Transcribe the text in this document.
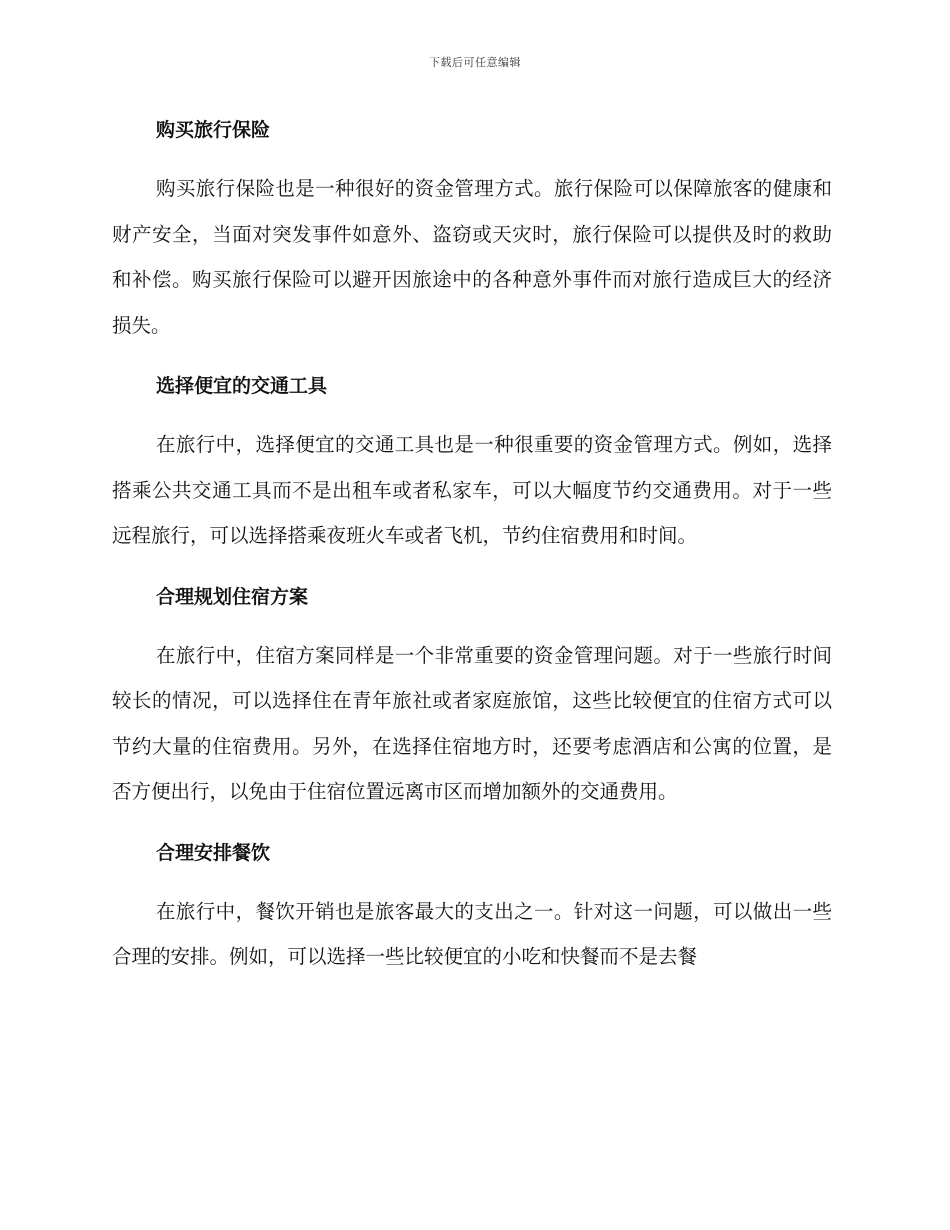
下载后可任意编辑
购买旅行保险

购买旅行保险也是一种很好的资金管理方式。旅行保险可以保障旅客的健康和财产安全，当面对突发事件如意外、盗窃或天灾时，旅行保险可以提供及时的救助和补偿。购买旅行保险可以避开因旅途中的各种意外事件而对旅行造成巨大的经济损失。

选择便宜的交通工具

在旅行中，选择便宜的交通工具也是一种很重要的资金管理方式。例如，选择搭乘公共交通工具而不是出租车或者私家车，可以大幅度节约交通费用。对于一些远程旅行，可以选择搭乘夜班火车或者飞机，节约住宿费用和时间。

合理规划住宿方案

在旅行中，住宿方案同样是一个非常重要的资金管理问题。对于一些旅行时间较长的情况，可以选择住在青年旅社或者家庭旅馆，这些比较便宜的住宿方式可以节约大量的住宿费用。另外，在选择住宿地方时，还要考虑酒店和公寓的位置，是否方便出行，以免由于住宿位置远离市区而增加额外的交通费用。

合理安排餐饮

在旅行中，餐饮开销也是旅客最大的支出之一。针对这一问题，可以做出一些合理的安排。例如，可以选择一些比较便宜的小吃和快餐而不是去餐
